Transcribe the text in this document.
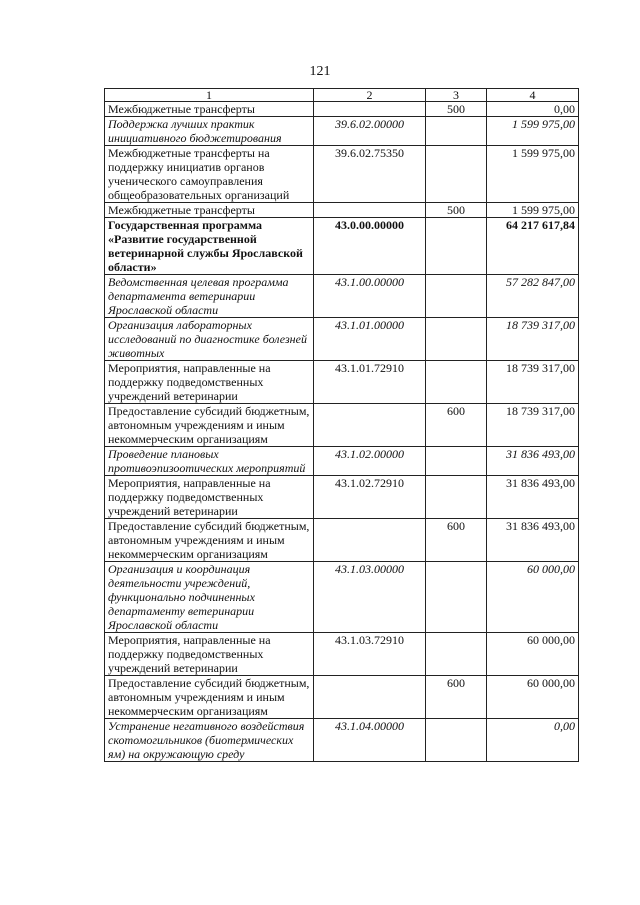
121
1	2	3	4
Межбюджетные трансферты		500	0,00
Поддержка лучших практик инициативного бюджетирования	39.6.02.00000		1 599 975,00
Межбюджетные трансферты на поддержку инициатив органов ученического самоуправления общеобразовательных организаций	39.6.02.75350		1 599 975,00
Межбюджетные трансферты		500	1 599 975,00
Государственная программа «Развитие государственной ветеринарной службы Ярославской области»	43.0.00.00000		64 217 617,84
Ведомственная целевая программа департамента ветеринарии Ярославской области	43.1.00.00000		57 282 847,00
Организация лабораторных исследований по диагностике болезней животных	43.1.01.00000		18 739 317,00
Мероприятия, направленные на поддержку подведомственных учреждений ветеринарии	43.1.01.72910		18 739 317,00
Предоставление субсидий бюджетным, автономным учреждениям и иным некоммерческим организациям		600	18 739 317,00
Проведение плановых противоэпизоотических мероприятий	43.1.02.00000		31 836 493,00
Мероприятия, направленные на поддержку подведомственных учреждений ветеринарии	43.1.02.72910		31 836 493,00
Предоставление субсидий бюджетным, автономным учреждениям и иным некоммерческим организациям		600	31 836 493,00
Организация и координация деятельности учреждений, функционально подчиненных департаменту ветеринарии Ярославской области	43.1.03.00000		60 000,00
Мероприятия, направленные на поддержку подведомственных учреждений ветеринарии	43.1.03.72910		60 000,00
Предоставление субсидий бюджетным, автономным учреждениям и иным некоммерческим организациям		600	60 000,00
Устранение негативного воздействия скотомогильников (биотермических ям) на окружающую среду	43.1.04.00000		0,00
